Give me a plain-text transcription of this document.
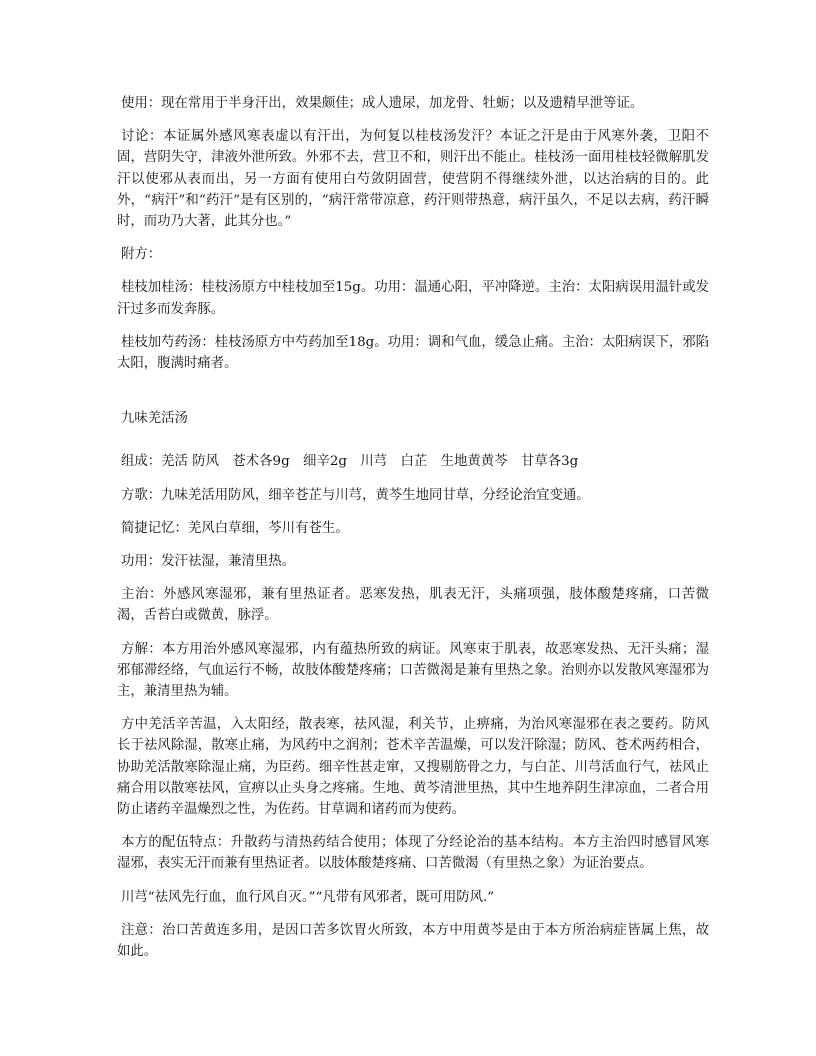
使用：现在常用于半身汗出，效果颇佳；成人遗尿，加龙骨、牡蛎；以及遗精早泄等证。

讨论：本证属外感风寒表虚以有汗出，为何复以桂枝汤发汗？本证之汗是由于风寒外袭，卫阳不固，营阴失守，津液外泄所致。外邪不去，营卫不和，则汗出不能止。桂枝汤一面用桂枝轻微解肌发汗以使邪从表而出，另一方面有使用白芍敛阴固营，使营阴不得继续外泄，以达治病的目的。此外，“病汗”和“药汗”是有区别的，“病汗常带凉意，药汗则带热意，病汗虽久，不足以去病，药汗瞬时，而功乃大著，此其分也。”

附方：

桂枝加桂汤：桂枝汤原方中桂枝加至15g。功用：温通心阳，平冲降逆。主治：太阳病误用温针或发汗过多而发奔豚。

桂枝加芍药汤：桂枝汤原方中芍药加至18g。功用：调和气血，缓急止痛。主治：太阳病误下，邪陷太阳，腹满时痛者。

九味羌活汤

组成：羌活 防风　苍术各9g　细辛2g　川芎　白芷　生地黄黄芩　甘草各3g

方歌：九味羌活用防风，细辛苍芷与川芎，黄芩生地同甘草，分经论治宜变通。

简捷记忆：羌风白草细，芩川有苍生。

功用：发汗祛湿，兼清里热。

主治：外感风寒湿邪，兼有里热证者。恶寒发热，肌表无汗，头痛项强，肢体酸楚疼痛，口苦微渴，舌苔白或微黄，脉浮。

方解：本方用治外感风寒湿邪，内有蕴热所致的病证。风寒束于肌表，故恶寒发热、无汗头痛；湿邪郁滞经络，气血运行不畅，故肢体酸楚疼痛；口苦微渴是兼有里热之象。治则亦以发散风寒湿邪为主，兼清里热为辅。

方中羌活辛苦温，入太阳经，散表寒，祛风湿，利关节，止痹痛，为治风寒湿邪在表之要药。防风长于祛风除湿，散寒止痛，为风药中之润剂；苍术辛苦温燥，可以发汗除湿；防风、苍术两药相合，协助羌活散寒除湿止痛，为臣药。细辛性甚走窜，又搜剔筋骨之力，与白芷、川芎活血行气，祛风止痛合用以散寒祛风，宣痹以止头身之疼痛。生地、黄芩清泄里热，其中生地养阴生津凉血，二者合用防止诸药辛温燥烈之性，为佐药。甘草调和诸药而为使药。

本方的配伍特点：升散药与清热药结合使用；体现了分经论治的基本结构。本方主治四时感冒风寒湿邪，表实无汗而兼有里热证者。以肢体酸楚疼痛、口苦微渴（有里热之象）为证治要点。

川芎“祛风先行血，血行风自灭。”“凡带有风邪者，既可用防风.”

注意：治口苦黄连多用，是因口苦多饮胃火所致，本方中用黄芩是由于本方所治病症皆属上焦，故如此。
